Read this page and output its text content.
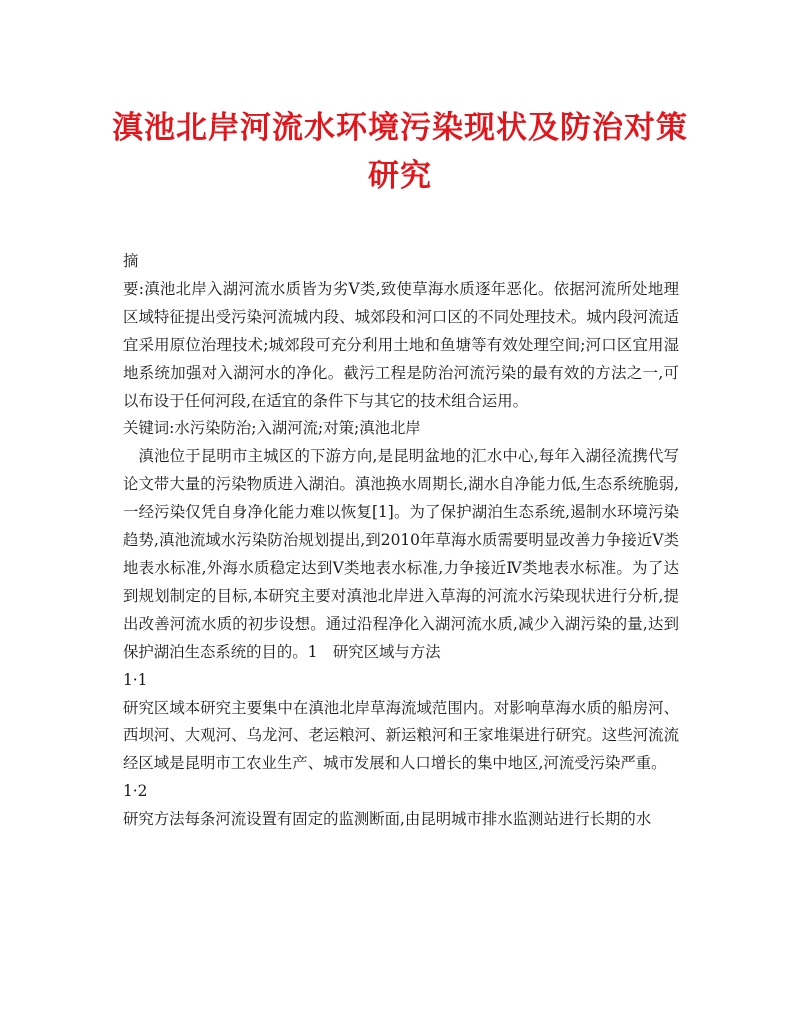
滇池北岸河流水环境污染现状及防治对策研究

摘

要:滇池北岸入湖河流水质皆为劣V类,致使草海水质逐年恶化。依据河流所处地理区域特征提出受污染河流城内段、城郊段和河口区的不同处理技术。城内段河流适宜采用原位治理技术;城郊段可充分利用土地和鱼塘等有效处理空间;河口区宜用湿地系统加强对入湖河水的净化。截污工程是防治河流污染的最有效的方法之一,可以布设于任何河段,在适宜的条件下与其它的技术组合运用。

关键词:水污染防治;入湖河流;对策;滇池北岸

滇池位于昆明市主城区的下游方向,是昆明盆地的汇水中心,每年入湖径流携代写论文带大量的污染物质进入湖泊。滇池换水周期长,湖水自净能力低,生态系统脆弱,一经污染仅凭自身净化能力难以恢复[1]。为了保护湖泊生态系统,遏制水环境污染趋势,滇池流域水污染防治规划提出,到2010年草海水质需要明显改善力争接近V类地表水标准,外海水质稳定达到V类地表水标准,力争接近Ⅳ类地表水标准。为了达到规划制定的目标,本研究主要对滇池北岸进入草海的河流水污染现状进行分析,提出改善河流水质的初步设想。通过沿程净化入湖河流水质,减少入湖污染的量,达到保护湖泊生态系统的目的。1　研究区域与方法

1·1

研究区域本研究主要集中在滇池北岸草海流域范围内。对影响草海水质的船房河、西坝河、大观河、乌龙河、老运粮河、新运粮河和王家堆渠进行研究。这些河流流经区域是昆明市工农业生产、城市发展和人口增长的集中地区,河流受污染严重。

1·2

研究方法每条河流设置有固定的监测断面,由昆明城市排水监测站进行长期的水
